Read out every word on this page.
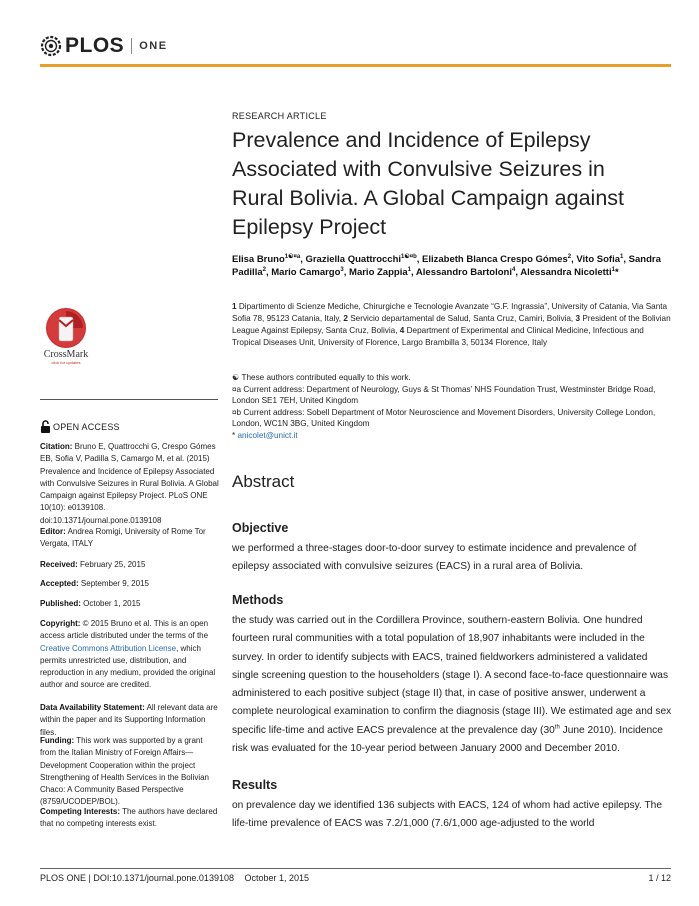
PLOS ONE
CrossMark
click for updates
OPEN ACCESS
Citation: Bruno E, Quattrocchi G, Crespo Gómes EB, Sofia V, Padilla S, Camargo M, et al. (2015) Prevalence and Incidence of Epilepsy Associated with Convulsive Seizures in Rural Bolivia. A Global Campaign against Epilepsy Project. PLoS ONE 10(10): e0139108. doi:10.1371/journal.pone.0139108
Editor: Andrea Romigi, University of Rome Tor Vergata, ITALY
Received: February 25, 2015
Accepted: September 9, 2015
Published: October 1, 2015
Copyright: © 2015 Bruno et al. This is an open access article distributed under the terms of the Creative Commons Attribution License, which permits unrestricted use, distribution, and reproduction in any medium, provided the original author and source are credited.
Data Availability Statement: All relevant data are within the paper and its Supporting Information files.
Funding: This work was supported by a grant from the Italian Ministry of Foreign Affairs—Development Cooperation within the project Strengthening of Health Services in the Bolivian Chaco: A Community Based Perspective (8759/UCODEP/BOL).
Competing Interests: The authors have declared that no competing interests exist.
RESEARCH ARTICLE
Prevalence and Incidence of Epilepsy Associated with Convulsive Seizures in Rural Bolivia. A Global Campaign against Epilepsy Project
Elisa Bruno$^{1☯¤a}$, Graziella Quattrocchi$^{1☯¤b}$, Elizabeth Blanca Crespo Gómes$^2$, Vito Sofia$^1$, Sandra Padilla$^2$, Mario Camargo$^3$, Mario Zappia$^1$, Alessandro Bartoloni$^4$, Alessandra Nicoletti$^1$*
1 Dipartimento di Scienze Mediche, Chirurgiche e Tecnologie Avanzate “G.F. Ingrassia”, University of Catania, Via Santa Sofia 78, 95123 Catania, Italy, 2 Servicio departamental de Salud, Santa Cruz, Camiri, Bolivia, 3 President of the Bolivian League Against Epilepsy, Santa Cruz, Bolivia, 4 Department of Experimental and Clinical Medicine, Infectious and Tropical Diseases Unit, University of Florence, Largo Brambilla 3, 50134 Florence, Italy
☯ These authors contributed equally to this work.
¤a Current address: Department of Neurology, Guys & St Thomas’ NHS Foundation Trust, Westminster Bridge Road, London SE1 7EH, United Kingdom
¤b Current address: Sobell Department of Motor Neuroscience and Movement Disorders, University College London, London, WC1N 3BG, United Kingdom
* anicolet@unict.it
Abstract
Objective
we performed a three-stages door-to-door survey to estimate incidence and prevalence of epilepsy associated with convulsive seizures (EACS) in a rural area of Bolivia.
Methods
the study was carried out in the Cordillera Province, southern-eastern Bolivia. One hundred fourteen rural communities with a total population of 18,907 inhabitants were included in the survey. In order to identify subjects with EACS, trained fieldworkers administered a validated single screening question to the householders (stage I). A second face-to-face questionnaire was administered to each positive subject (stage II) that, in case of positive answer, underwent a complete neurological examination to confirm the diagnosis (stage III). We estimated age and sex specific life-time and active EACS prevalence at the prevalence day (30th June 2010). Incidence risk was evaluated for the 10-year period between January 2000 and December 2010.
Results
on prevalence day we identified 136 subjects with EACS, 124 of whom had active epilepsy. The life-time prevalence of EACS was 7.2/1,000 (7.6/1,000 age-adjusted to the world
PLOS ONE | DOI:10.1371/journal.pone.0139108 October 1, 2015	1 / 12
